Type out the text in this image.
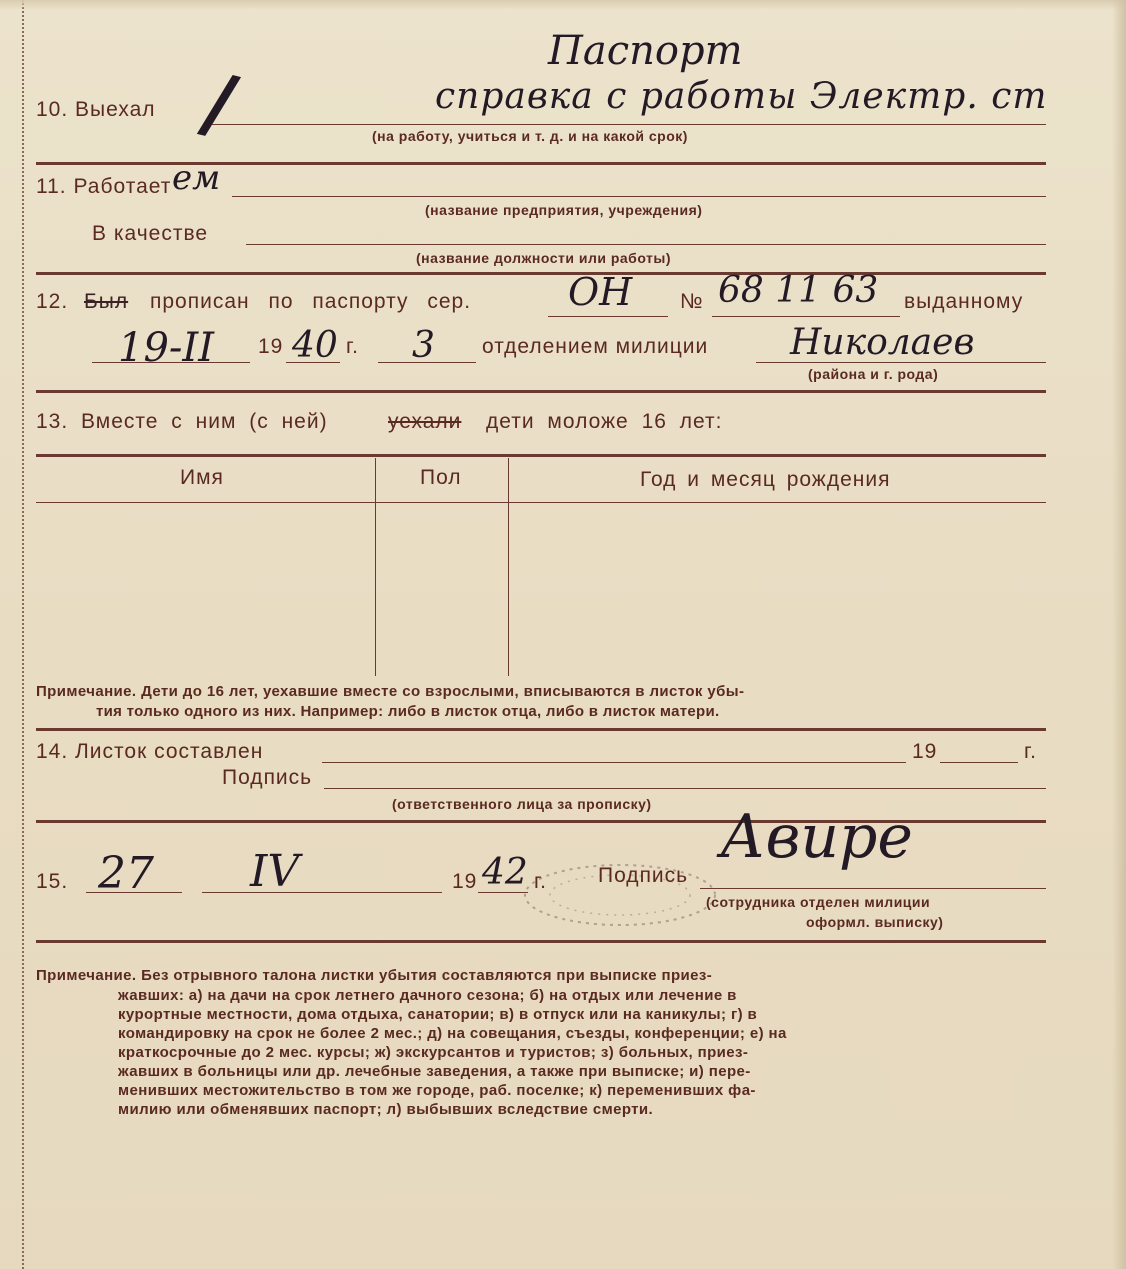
Паспорт
10. Выехал /	справка с работы Электр. ст
(на работу, учиться и т. д. и на какой срок)
11. Работает ем
(название предприятия, учреждения)
В качестве
(название должности или работы)
12. Был прописан по паспорту сер.	ОН № 68 11 63 выданному
19-II 19 40 г. 3 отделением милиции Николаев
(района и г. рода)
13. Вместе с ним (с ней)	уехали дети моложе 16 лет:
Имя	Пол	Год и месяц рождения
Примечание. Дети до 16 лет, уехавшие вместе со взрослыми, вписываются в листок убы-
тия только одного из них. Например: либо в листок отца, либо в листок матери.
14. Листок составлен	19	г.
Подпись
(ответственного лица за прописку)
15. 27 IV	19 42 г. Подпись
Авире
(сотрудника отделен милиции
оформл. выписку)
Примечание. Без отрывного талона листки убытия составляются при выписке приез-
жавших: а) на дачи на срок летнего дачного сезона; б) на отдых или лечение в
курортные местности, дома отдыха, санатории; в) в отпуск или на каникулы; г) в
командировку на срок не более 2 мес.; д) на совещания, съезды, конференции; е) на
краткосрочные до 2 мес. курсы; ж) экскурсантов и туристов; з) больных, приез-
жавших в больницы или др. лечебные заведения, а также при выписке; и) пере-
менивших местожительство в том же городе, раб. поселке; к) переменивших фа-
милию или обменявших паспорт; л) выбывших вследствие смерти.
